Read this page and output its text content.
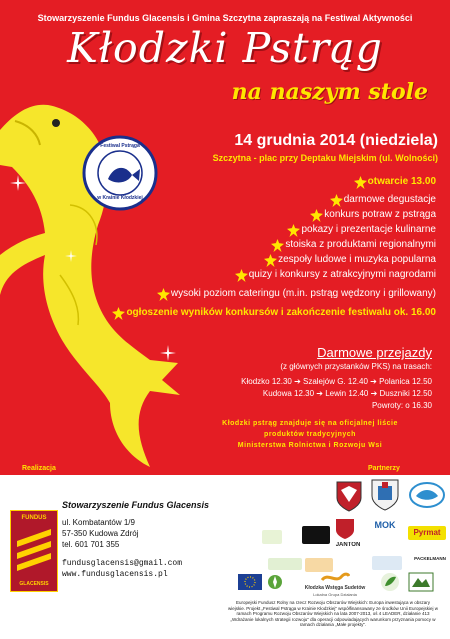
Stowarzyszenie Fundus Glacensis i Gmina Szczytna zapraszają na Festiwal Aktywności
Kłodzki Pstrąg
na naszym stole
Festiwal Pstrąga
w Krainie Kłodzkiej
14 grudnia 2014 (niedziela)
Szczytna - plac przy Deptaku Miejskim (ul. Wolności)
otwarcie 13.00
darmowe degustacje
konkurs potraw z pstrąga
pokazy i prezentacje kulinarne
stoiska z produktami regionalnymi
zespoły ludowe i muzyka popularna
quizy i konkursy z atrakcyjnymi nagrodami
wysoki poziom cateringu (m.in. pstrąg wędzony i grillowany)
ogłoszenie wyników konkursów i zakończenie festiwalu ok. 16.00
Darmowe przejazdy
(z głównych przystanków PKS) na trasach:
Kłodzko 12.30 ➔ Szalejów G. 12.40 ➔ Polanica 12.50
Kudowa 12.30 ➔ Lewin 12.40 ➔ Duszniki 12.50
Powroty: o 16.30
Kłodzki pstrąg znajduje się na oficjalnej liście
produktów tradycyjnych
Ministerstwa Rolnictwa i Rozwoju Wsi
Realizacja	Partnerzy
FUNDUS
GLACENSIS
Stowarzyszenie Fundus Glacensis
ul. Kombatantów 1/9
57-350 Kudowa Zdrój
tel. 601 701 355
fundusglacensis@gmail.com
www.fundusglacensis.pl
JANTON
MOK
Pyrmat
PACKELMANN
Kłodzka Wstęga Sudetów
Lokalna Grupa Działania
Europejski Fundusz Rolny na rzecz Rozwoju Obszarów Wiejskich: Europa inwestująca w obszary wiejskie. Projekt „Festiwal Pstrąga w Krainie Kłodzkiej" współfinansowany ze środków Unii Europejskiej w ramach Programu Rozwoju Obszarów Wiejskich na lata 2007-2013, oś 4 LEADER, działanie 413 „Wdrażanie lokalnych strategii rozwoju" dla operacji odpowiadających warunkom przyznania pomocy w ramach działania „Małe projekty".
